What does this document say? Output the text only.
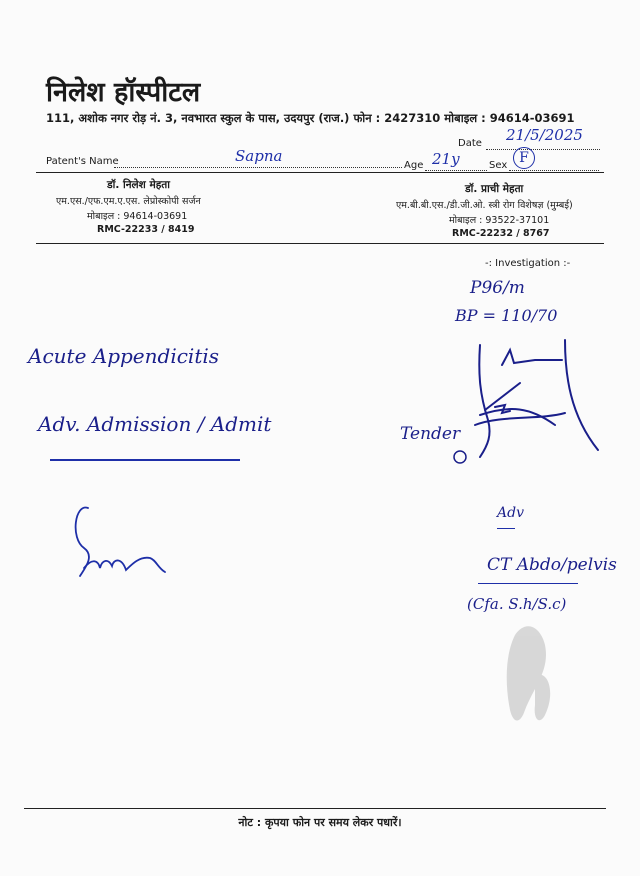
निलेश हॉस्पीटल
111, अशोक नगर रोड़ नं. 3, नवभारत स्कुल के पास, उदयपुर (राज.) फोन : 2427310 मोबाइल : 94614-03691
Date 21/5/2025
Patent's Name	Sapna
Age 21y	Sex F
डॉ. निलेश मेहता
एम.एस./एफ.एम.ए.एस. लेप्रोस्कोपी सर्जन
मोबाइल : 94614-03691
RMC-22233 / 8419
डॉ. प्राची मेहता
एम.बी.बी.एस./डी.जी.ओ. स्त्री रोग विशेषज्ञ (मुम्बई)
मोबाइल : 93522-37101
RMC-22232 / 8767
-: Investigation :-
P96/m
BP = 110/70
Acute Appendicitis
Adv. Admission / Admit	Tender
Adv
CT Abdo/pelvis
(Cfa. S.h/S.c)
नोट : कृपया फोन पर समय लेकर पधारें।
